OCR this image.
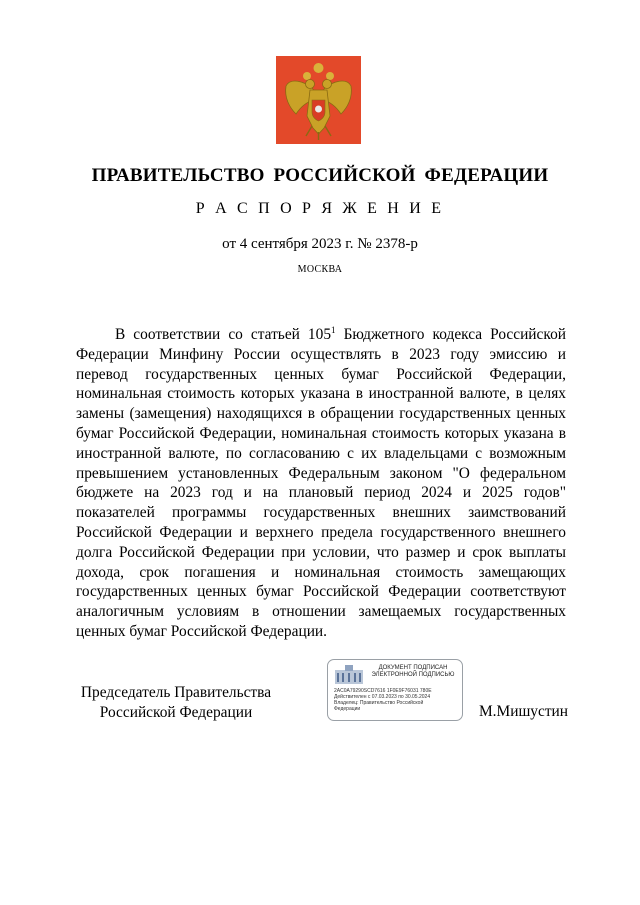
ПРАВИТЕЛЬСТВО РОССИЙСКОЙ ФЕДЕРАЦИИ
Р А С П О Р Я Ж Е Н И Е
от 4 сентября 2023 г. № 2378-р
МОСКВА

В соответствии со статьей $105^1$ Бюджетного кодекса Российской Федерации Минфину России осуществлять в 2023 году эмиссию и перевод государственных ценных бумаг Российской Федерации, номинальная стоимость которых указана в иностранной валюте, в целях замены (замещения) находящихся в обращении государственных ценных бумаг Российской Федерации, номинальная стоимость которых указана в иностранной валюте, по согласованию с их владельцами с возможным превышением установленных Федеральным законом "О федеральном бюджете на 2023 год и на плановый период 2024 и 2025 годов" показателей программы государственных внешних заимствований Российской Федерации и верхнего предела государственного внешнего долга Российской Федерации при условии, что размер и срок выплаты дохода, срок погашения и номинальная стоимость замещающих государственных ценных бумаг Российской Федерации соответствуют аналогичным условиям в отношении замещаемых государственных ценных бумаг Российской Федерации.

Председатель Правительства
Российской Федерации
ДОКУМЕНТ ПОДПИСАН
ЭЛЕКТРОННОЙ ПОДПИСЬЮ
2AC0A79290SCD7616 1F0E9F76031 780E
Действителен с 07.03.2023 по 30.05.2024
Владелец: Правительство Российской
Федерации	М.Мишустин
